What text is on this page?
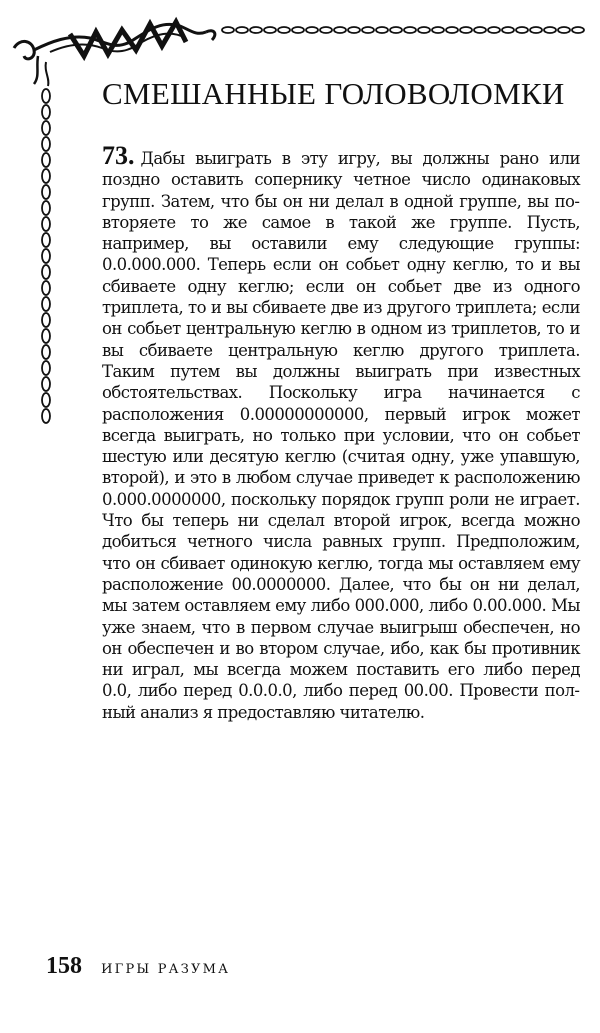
СМЕШАННЫЕ ГОЛОВОЛОМКИ

73. Дабы выиграть в эту игру, вы должны рано или поздно оставить сопернику четное число одинаковых групп. Затем, что бы он ни делал в одной группе, вы повторяете то же самое в такой же группе. Пусть, например, вы оставили ему следующие группы: 0.0.000.000. Теперь если он собьет одну кеглю, то и вы сбиваете одну кеглю; если он собьет две из одного триплета, то и вы сбиваете две из другого триплета; если он собьет центральную кеглю в одном из триплетов, то и вы сбиваете центральную кеглю другого триплета. Таким путем вы должны выиграть при известных обстоятельствах. Поскольку игра начинается с расположения 0.00000000000, первый игрок может всегда выиграть, но только при условии, что он собьет шестую или десятую кеглю (считая одну, уже упавшую, второй), и это в любом случае приведет к расположению 0.000.0000000, поскольку порядок групп роли не играет. Что бы теперь ни сделал второй игрок, всегда можно добиться четного числа равных групп. Предположим, что он сбивает одинокую кеглю, тогда мы оставляем ему расположение 00.0000000. Далее, что бы он ни делал, мы затем оставляем ему либо 000.000, либо 0.00.000. Мы уже знаем, что в первом случае выигрыш обеспечен, но он обеспечен и во втором случае, ибо, как бы противник ни играл, мы всегда можем поставить его либо перед 0.0, либо перед 0.0.0.0, либо перед 00.00. Провести полный анализ я предоставляю читателю.

158 ИГРЫ РАЗУМА
